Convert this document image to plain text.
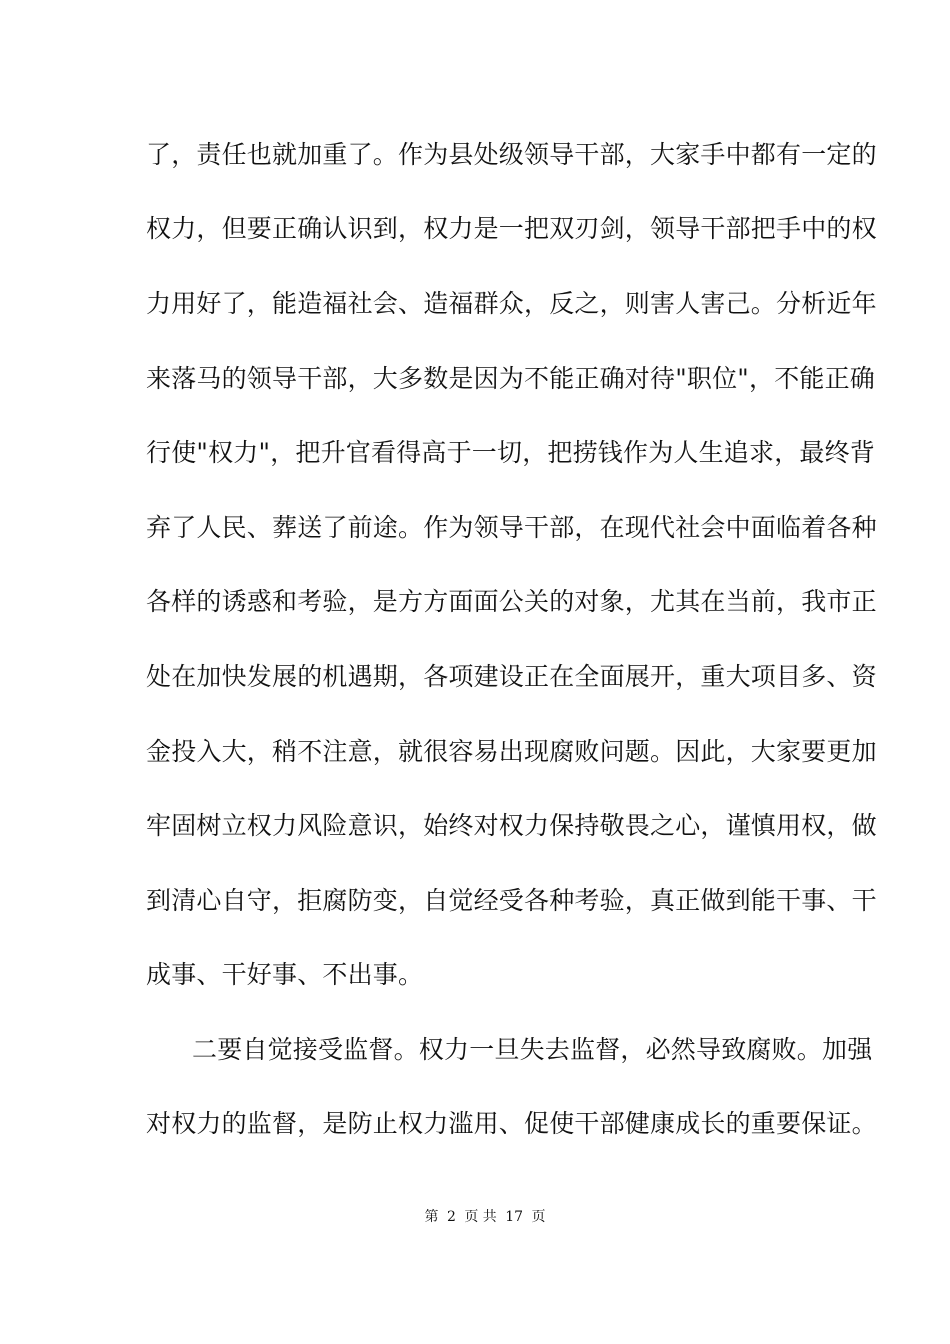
了，责任也就加重了。作为县处级领导干部，大家手中都有一定的
权力，但要正确认识到，权力是一把双刃剑，领导干部把手中的权
力用好了，能造福社会、造福群众，反之，则害人害己。分析近年
来落马的领导干部，大多数是因为不能正确对待"职位"，不能正确
行使"权力"，把升官看得高于一切，把捞钱作为人生追求，最终背
弃了人民、葬送了前途。作为领导干部，在现代社会中面临着各种
各样的诱惑和考验，是方方面面公关的对象，尤其在当前，我市正
处在加快发展的机遇期，各项建设正在全面展开，重大项目多、资
金投入大，稍不注意，就很容易出现腐败问题。因此，大家要更加
牢固树立权力风险意识，始终对权力保持敬畏之心，谨慎用权，做
到清心自守，拒腐防变，自觉经受各种考验，真正做到能干事、干
成事、干好事、不出事。
二要自觉接受监督。权力一旦失去监督，必然导致腐败。加强
对权力的监督，是防止权力滥用、促使干部健康成长的重要保证。
第 2 页 共 17 页
